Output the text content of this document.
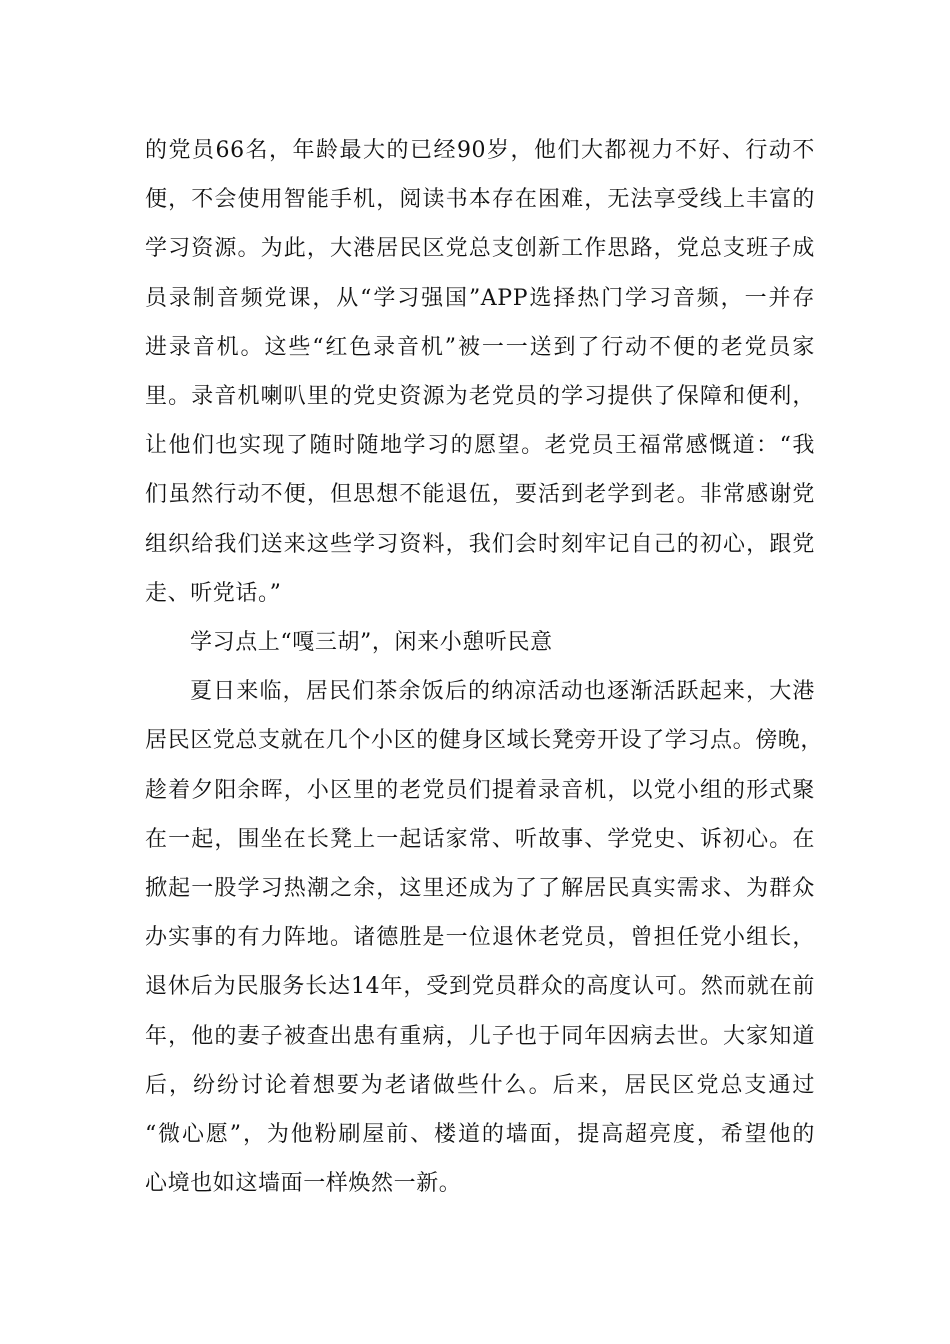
的党员66名，年龄最大的已经90岁，他们大都视力不好、行动不
便，不会使用智能手机，阅读书本存在困难，无法享受线上丰富的
学习资源。为此，大港居民区党总支创新工作思路，党总支班子成
员录制音频党课，从“学习强国”APP选择热门学习音频，一并存
进录音机。这些“红色录音机”被一一送到了行动不便的老党员家
里。录音机喇叭里的党史资源为老党员的学习提供了保障和便利，
让他们也实现了随时随地学习的愿望。老党员王福常感慨道：“我
们虽然行动不便，但思想不能退伍，要活到老学到老。非常感谢党
组织给我们送来这些学习资料，我们会时刻牢记自己的初心，跟党
走、听党话。”
学习点上“嘎三胡”，闲来小憩听民意
夏日来临，居民们茶余饭后的纳凉活动也逐渐活跃起来，大港
居民区党总支就在几个小区的健身区域长凳旁开设了学习点。傍晚，
趁着夕阳余晖，小区里的老党员们提着录音机，以党小组的形式聚
在一起，围坐在长凳上一起话家常、听故事、学党史、诉初心。在
掀起一股学习热潮之余，这里还成为了了解居民真实需求、为群众
办实事的有力阵地。诸德胜是一位退休老党员，曾担任党小组长，
退休后为民服务长达14年，受到党员群众的高度认可。然而就在前
年，他的妻子被查出患有重病，儿子也于同年因病去世。大家知道
后，纷纷讨论着想要为老诸做些什么。后来，居民区党总支通过
“微心愿”，为他粉刷屋前、楼道的墙面，提高超亮度，希望他的
心境也如这墙面一样焕然一新。
